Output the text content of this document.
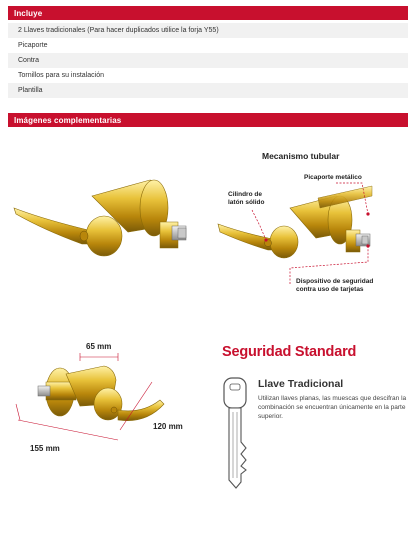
Incluye
2 Llaves tradicionales (Para hacer duplicados utilice la forja Y55)
Picaporte
Contra
Tornillos para su instalación
Plantilla
Imágenes complementarias
Mecanismo tubular
Cilindro de
latón sólido
Picaporte metálico
Dispositivo de seguridad
contra uso de tarjetas
65 mm
120 mm
155 mm
Seguridad Standard
Llave Tradicional
Utilizan llaves planas, las muescas que descifran la combinación se encuentran únicamente en la parte superior.
